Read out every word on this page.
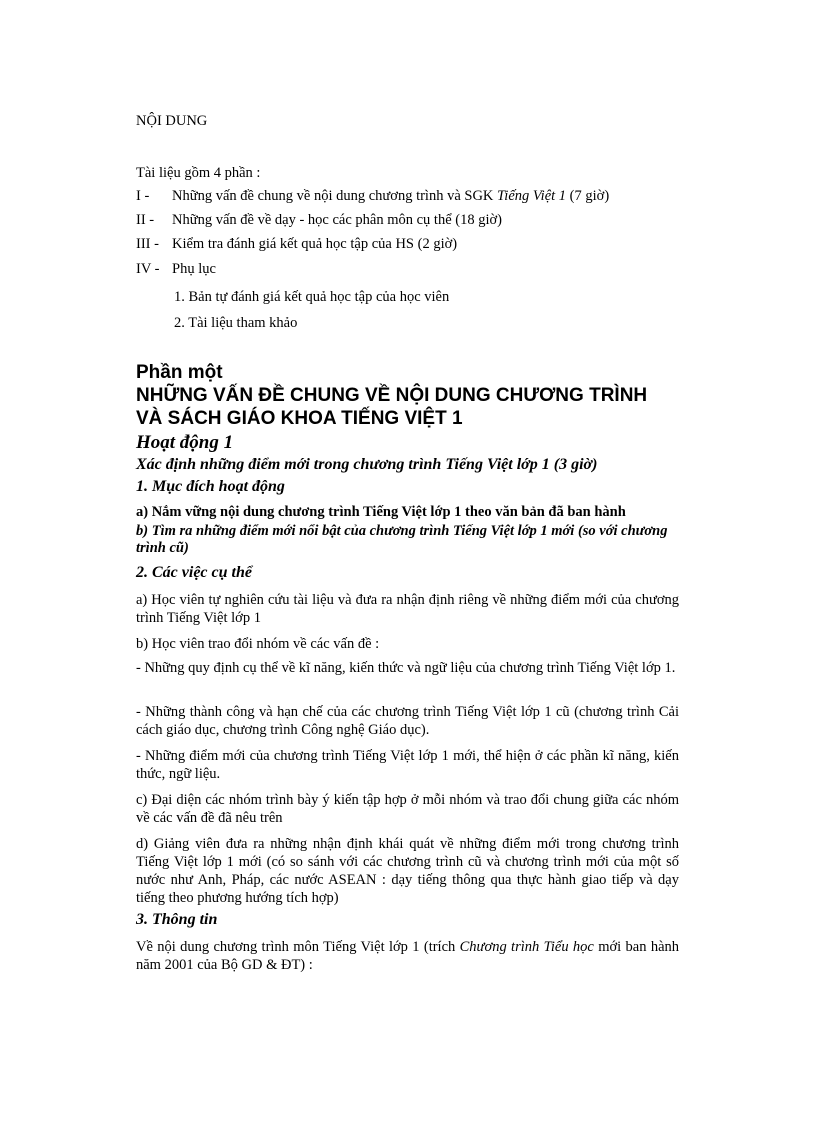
NỘI DUNG
Tài liệu gồm 4 phần :
I - Những vấn đề chung về nội dung chương trình và SGK Tiếng Việt 1 (7 giờ)
II - Những vấn đề về dạy - học các phân môn cụ thể (18 giờ)
III - Kiểm tra đánh giá kết quả học tập của HS (2 giờ)
IV - Phụ lục
1. Bản tự đánh giá kết quả học tập của học viên
2. Tài liệu tham khảo
Phần một
NHỮNG VẤN ĐỀ CHUNG VỀ NỘI DUNG CHƯƠNG TRÌNH
VÀ SÁCH GIÁO KHOA TIẾNG VIỆT 1
Hoạt động 1
Xác định những điểm mới trong chương trình Tiếng Việt lớp 1 (3 giờ)
1. Mục đích hoạt động
a) Nắm vững nội dung chương trình Tiếng Việt lớp 1 theo văn bản đã ban hành
b) Tìm ra những điểm mới nổi bật của chương trình Tiếng Việt lớp 1 mới (so với chương trình cũ)
2. Các việc cụ thể
a) Học viên tự nghiên cứu tài liệu và đưa ra nhận định riêng về những điểm mới của chương trình Tiếng Việt lớp 1
b) Học viên trao đổi nhóm về các vấn đề :
- Những quy định cụ thể về kĩ năng, kiến thức và ngữ liệu của chương trình Tiếng Việt lớp 1.
- Những thành công và hạn chế của các chương trình Tiếng Việt lớp 1 cũ (chương trình Cải cách giáo dục, chương trình Công nghệ Giáo dục).
- Những điểm mới của chương trình Tiếng Việt lớp 1 mới, thể hiện ở các phần kĩ năng, kiến thức, ngữ liệu.
c) Đại diện các nhóm trình bày ý kiến tập hợp ở mỗi nhóm và trao đổi chung giữa các nhóm về các vấn đề đã nêu trên
d) Giảng viên đưa ra những nhận định khái quát về những điểm mới trong chương trình Tiếng Việt lớp 1 mới (có so sánh với các chương trình cũ và chương trình mới của một số nước như Anh, Pháp, các nước ASEAN : dạy tiếng thông qua thực hành giao tiếp và dạy tiếng theo phương hướng tích hợp)
3. Thông tin
Về nội dung chương trình môn Tiếng Việt lớp 1 (trích Chương trình Tiểu học mới ban hành năm 2001 của Bộ GD & ĐT) :
